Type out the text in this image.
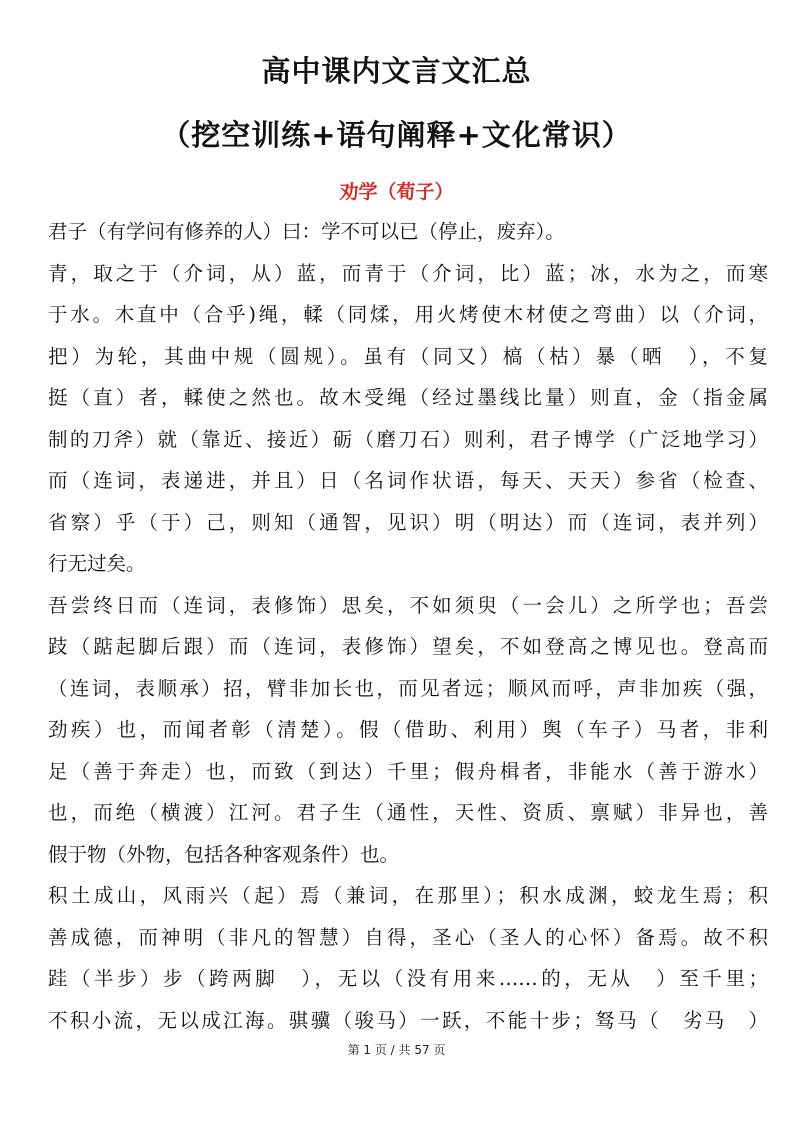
高中课内文言文汇总
（挖空训练+语句阐释+文化常识）
劝学（荀子）
君子（有学问有修养的人）曰：学不可以已（停止，废弃）。
青，取之于（介词，从）蓝，而青于（介词，比）蓝；冰，水为之，而寒
于水。木直中（合乎)绳，輮（同煣，用火烤使木材使之弯曲）以（介词，
把）为轮，其曲中规（圆规）。虽有（同又）槁（枯）暴（晒　），不复
挺（直）者，輮使之然也。故木受绳（经过墨线比量）则直，金（指金属
制的刀斧）就（靠近、接近）砺（磨刀石）则利，君子博学（广泛地学习）
而（连词，表递进，并且）日（名词作状语，每天、天天）参省（检查、
省察）乎（于）己，则知（通智，见识）明（明达）而（连词，表并列）
行无过矣。
吾尝终日而（连词，表修饰）思矣，不如须臾（一会儿）之所学也；吾尝
跂（踮起脚后跟）而（连词，表修饰）望矣，不如登高之博见也。登高而
（连词，表顺承）招，臂非加长也，而见者远；顺风而呼，声非加疾（强，
劲疾）也，而闻者彰（清楚）。假（借助、利用）舆（车子）马者，非利
足（善于奔走）也，而致（到达）千里；假舟楫者，非能水（善于游水）
也，而绝（横渡）江河。君子生（通性，天性、资质、禀赋）非异也，善
假于物（外物，包括各种客观条件）也。
积土成山，风雨兴（起）焉（兼词，在那里）；积水成渊，蛟龙生焉；积
善成德，而神明（非凡的智慧）自得，圣心（圣人的心怀）备焉。故不积
跬（半步）步（跨两脚　），无以（没有用来……的，无从　）至千里；
不积小流，无以成江海。骐骥（骏马）一跃，不能十步；驽马（　劣马　）
第 1 页 / 共 57 页
